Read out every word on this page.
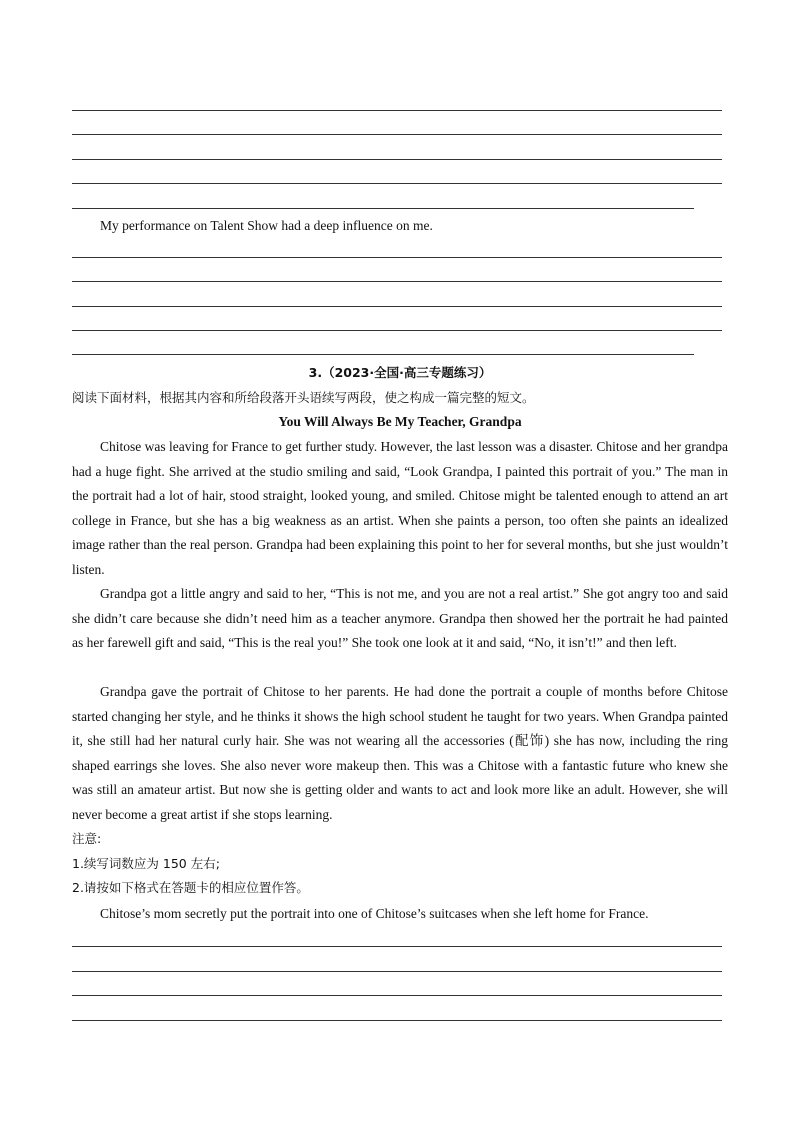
My performance on Talent Show had a deep influence on me.

3.（2023·全国·高三专题练习）

阅读下面材料，根据其内容和所给段落开头语续写两段，使之构成一篇完整的短文。

You Will Always Be My Teacher, Grandpa

Chitose was leaving for France to get further study. However, the last lesson was a disaster. Chitose and her grandpa had a huge fight. She arrived at the studio smiling and said, “Look Grandpa, I painted this portrait of you.” The man in the portrait had a lot of hair, stood straight, looked young, and smiled. Chitose might be talented enough to attend an art college in France, but she has a big weakness as an artist. When she paints a person, too often she paints an idealized image rather than the real person. Grandpa had been explaining this point to her for several months, but she just wouldn’t listen.

Grandpa got a little angry and said to her, “This is not me, and you are not a real artist.” She got angry too and said she didn’t care because she didn’t need him as a teacher anymore. Grandpa then showed her the portrait he had painted as her farewell gift and said, “This is the real you!” She took one look at it and said, “No, it isn’t!” and then left.

Grandpa gave the portrait of Chitose to her parents. He had done the portrait a couple of months before Chitose started changing her style, and he thinks it shows the high school student he taught for two years. When Grandpa painted it, she still had her natural curly hair. She was not wearing all the accessories (配饰) she has now, including the ring shaped earrings she loves. She also never wore makeup then. This was a Chitose with a fantastic future who knew she was still an amateur artist. But now she is getting older and wants to act and look more like an adult. However, she will never become a great artist if she stops learning.

注意:

1.续写词数应为 150 左右;

2.请按如下格式在答题卡的相应位置作答。

Chitose’s mom secretly put the portrait into one of Chitose’s suitcases when she left home for France.
